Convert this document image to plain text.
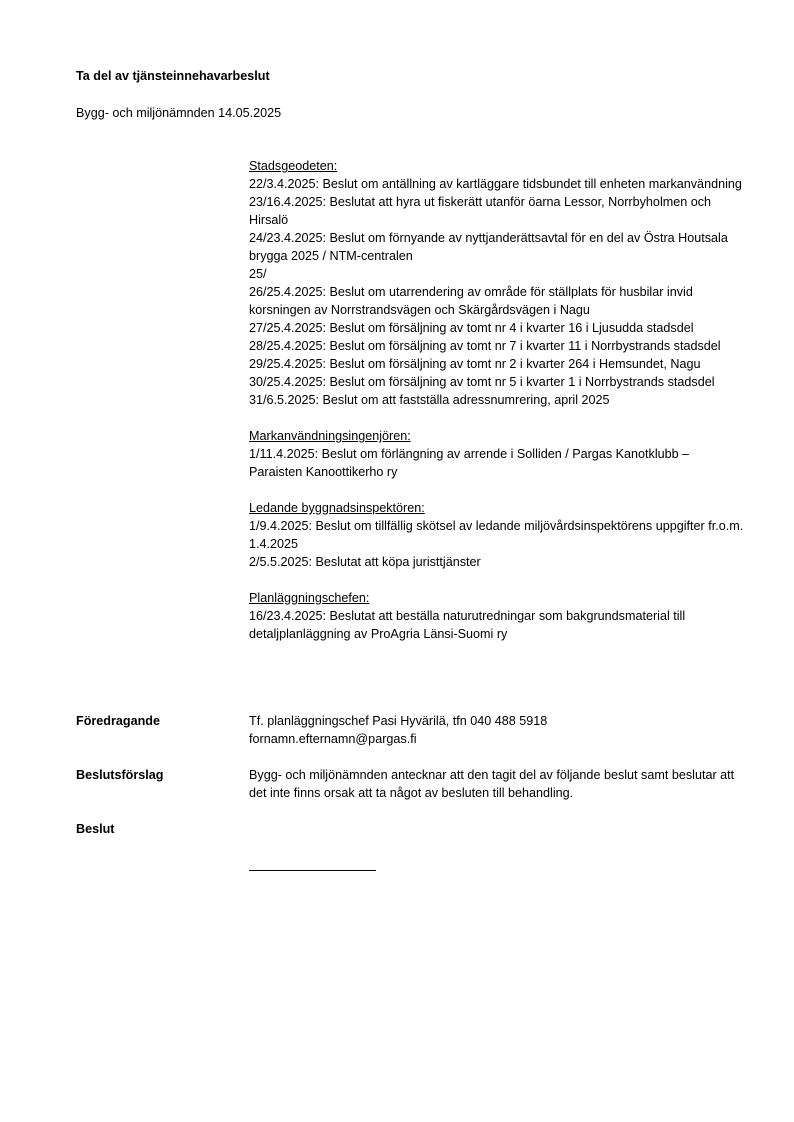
Ta del av tjänsteinnehavarbeslut

Bygg- och miljönämnden 14.05.2025

Stadsgeodeten:

22/3.4.2025: Beslut om antällning av kartläggare tidsbundet till enheten markanvändning

23/16.4.2025: Beslutat att hyra ut fiskerätt utanför öarna Lessor, Norrbyholmen och Hirsalö

24/23.4.2025: Beslut om förnyande av nyttjanderättsavtal för en del av Östra Houtsala brygga 2025 / NTM-centralen

25/

26/25.4.2025: Beslut om utarrendering av område för ställplats för husbilar invid korsningen av Norrstrandsvägen och Skärgårdsvägen i Nagu

27/25.4.2025: Beslut om försäljning av tomt nr 4 i kvarter 16 i Ljusudda stadsdel

28/25.4.2025: Beslut om försäljning av tomt nr 7 i kvarter 11 i Norrbystrands stadsdel

29/25.4.2025: Beslut om försäljning av tomt nr 2 i kvarter 264 i Hemsundet, Nagu

30/25.4.2025: Beslut om försäljning av tomt nr 5 i kvarter 1 i Norrbystrands stadsdel

31/6.5.2025: Beslut om att fastställa adressnumrering, april 2025

Markanvändningsingenjören:

1/11.4.2025: Beslut om förlängning av arrende i Solliden / Pargas Kanotklubb – Paraisten Kanoottikerho ry

Ledande byggnadsinspektören:

1/9.4.2025: Beslut om tillfällig skötsel av ledande miljövårdsinspektörens uppgifter fr.o.m. 1.4.2025

2/5.5.2025: Beslutat att köpa juristtjänster

Planläggningschefen:

16/23.4.2025: Beslutat att beställa naturutredningar som bakgrundsmaterial till detaljplanläggning av ProAgria Länsi-Suomi ry

Föredragande	Tf. planläggningschef Pasi Hyvärilä, tfn 040 488 5918

fornamn.efternamn@pargas.fi

Beslutsförslag	Bygg- och miljönämnden antecknar att den tagit del av följande beslut samt beslutar att det inte finns orsak att ta något av besluten till behandling.

Beslut
